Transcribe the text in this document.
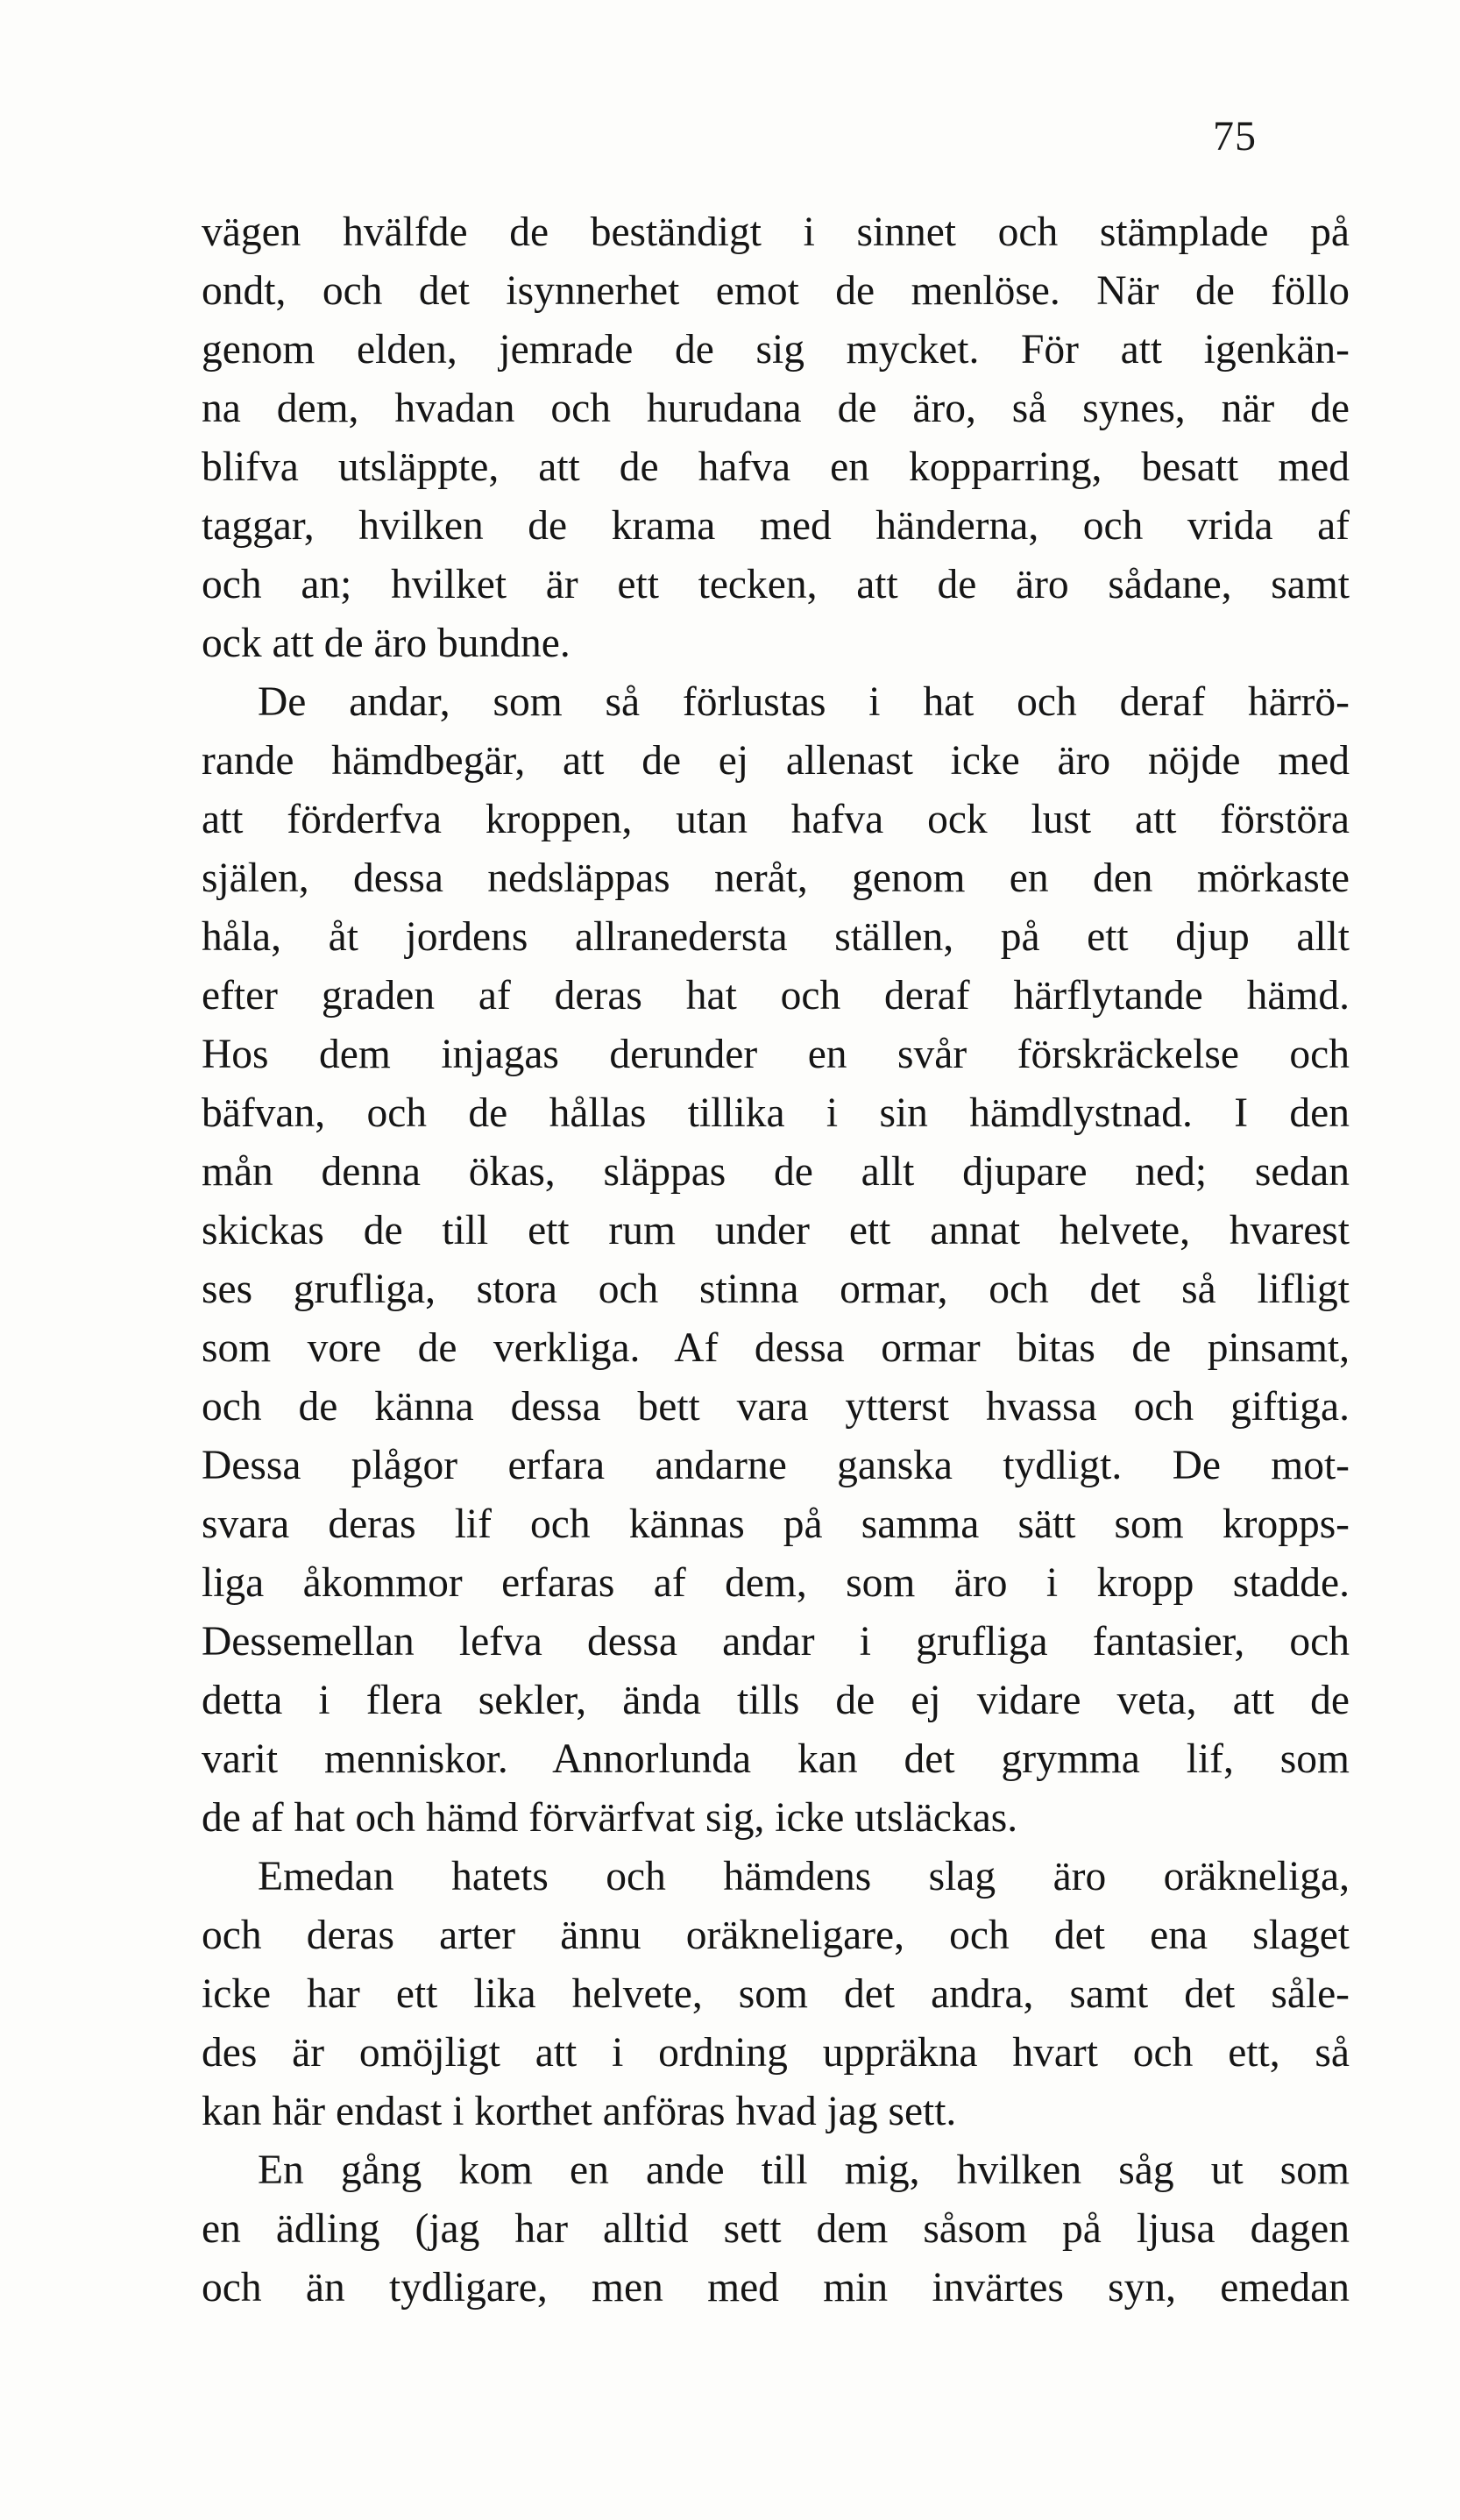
75
vägen hvälfde de beständigt i sinnet och stämplade på
ondt, och det isynnerhet emot de menlöse. När de föllo
genom elden, jemrade de sig mycket. För att igenkän-
na dem, hvadan och hurudana de äro, så synes, när de
blifva utsläppte, att de hafva en kopparring, besatt med
taggar, hvilken de krama med händerna, och vrida af
och an; hvilket är ett tecken, att de äro sådane, samt
ock att de äro bundne.
De andar, som så förlustas i hat och deraf härrö-
rande hämdbegär, att de ej allenast icke äro nöjde med
att förderfva kroppen, utan hafva ock lust att förstöra
själen, dessa nedsläppas neråt, genom en den mörkaste
håla, åt jordens allranedersta ställen, på ett djup allt
efter graden af deras hat och deraf härflytande hämd.
Hos dem injagas derunder en svår förskräckelse och
bäfvan, och de hållas tillika i sin hämdlystnad. I den
mån denna ökas, släppas de allt djupare ned; sedan
skickas de till ett rum under ett annat helvete, hvarest
ses grufliga, stora och stinna ormar, och det så lifligt
som vore de verkliga. Af dessa ormar bitas de pinsamt,
och de känna dessa bett vara ytterst hvassa och giftiga.
Dessa plågor erfara andarne ganska tydligt. De mot-
svara deras lif och kännas på samma sätt som kropps-
liga åkommor erfaras af dem, som äro i kropp stadde.
Dessemellan lefva dessa andar i grufliga fantasier, och
detta i flera sekler, ända tills de ej vidare veta, att de
varit menniskor. Annorlunda kan det grymma lif, som
de af hat och hämd förvärfvat sig, icke utsläckas.
Emedan hatets och hämdens slag äro oräkneliga,
och deras arter ännu oräkneligare, och det ena slaget
icke har ett lika helvete, som det andra, samt det såle-
des är omöjligt att i ordning uppräkna hvart och ett, så
kan här endast i korthet anföras hvad jag sett.
En gång kom en ande till mig, hvilken såg ut som
en ädling (jag har alltid sett dem såsom på ljusa dagen
och än tydligare, men med min invärtes syn, emedan
